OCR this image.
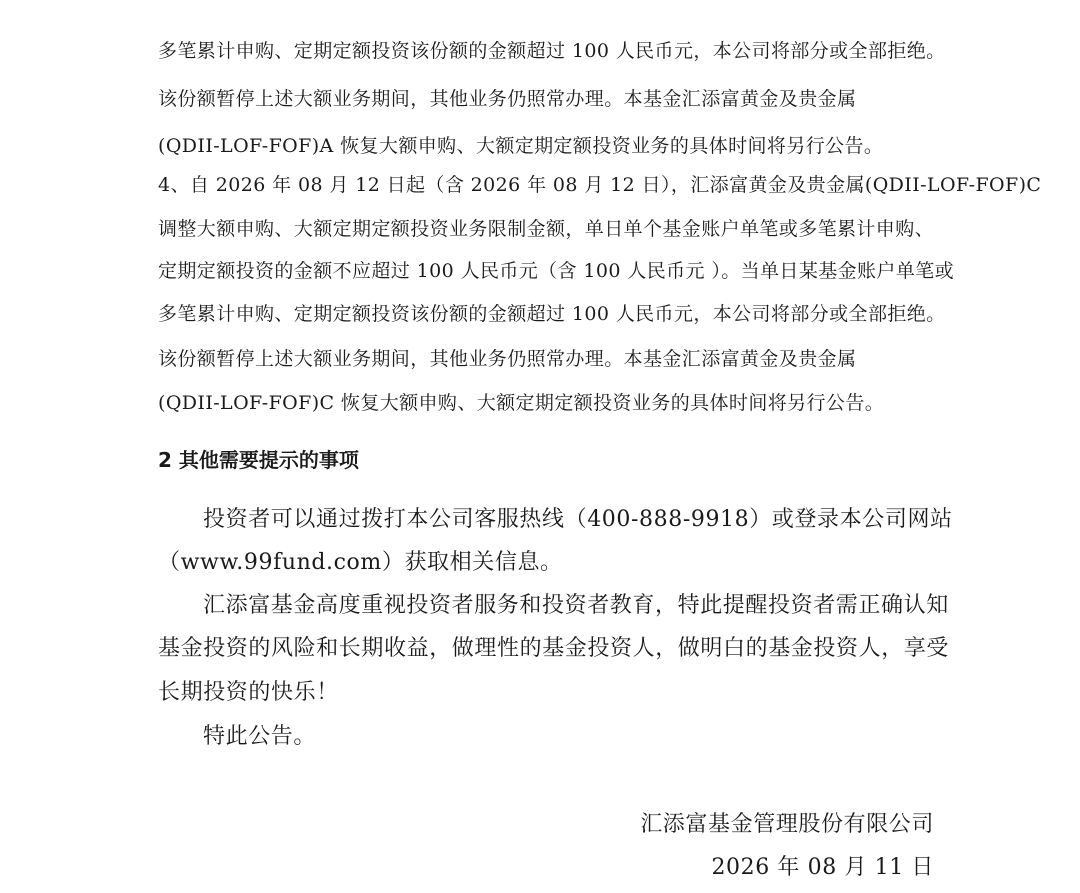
多笔累计申购、定期定额投资该份额的金额超过 100 人民币元，本公司将部分或全部拒绝。
该份额暂停上述大额业务期间，其他业务仍照常办理。本基金汇添富黄金及贵金属
(QDII-LOF-FOF)A 恢复大额申购、大额定期定额投资业务的具体时间将另行公告。
4、自 2026 年 08 月 12 日起（含 2026 年 08 月 12 日），汇添富黄金及贵金属(QDII-LOF-FOF)C
调整大额申购、大额定期定额投资业务限制金额，单日单个基金账户单笔或多笔累计申购、
定期定额投资的金额不应超过 100 人民币元（含 100 人民币元 ）。当单日某基金账户单笔或
多笔累计申购、定期定额投资该份额的金额超过 100 人民币元，本公司将部分或全部拒绝。
该份额暂停上述大额业务期间，其他业务仍照常办理。本基金汇添富黄金及贵金属
(QDII-LOF-FOF)C 恢复大额申购、大额定期定额投资业务的具体时间将另行公告。
2 其他需要提示的事项
投资者可以通过拨打本公司客服热线（400-888-9918）或登录本公司网站
（www.99fund.com）获取相关信息。
汇添富基金高度重视投资者服务和投资者教育，特此提醒投资者需正确认知
基金投资的风险和长期收益，做理性的基金投资人，做明白的基金投资人，享受
长期投资的快乐！
特此公告。
汇添富基金管理股份有限公司
2026 年 08 月 11 日
